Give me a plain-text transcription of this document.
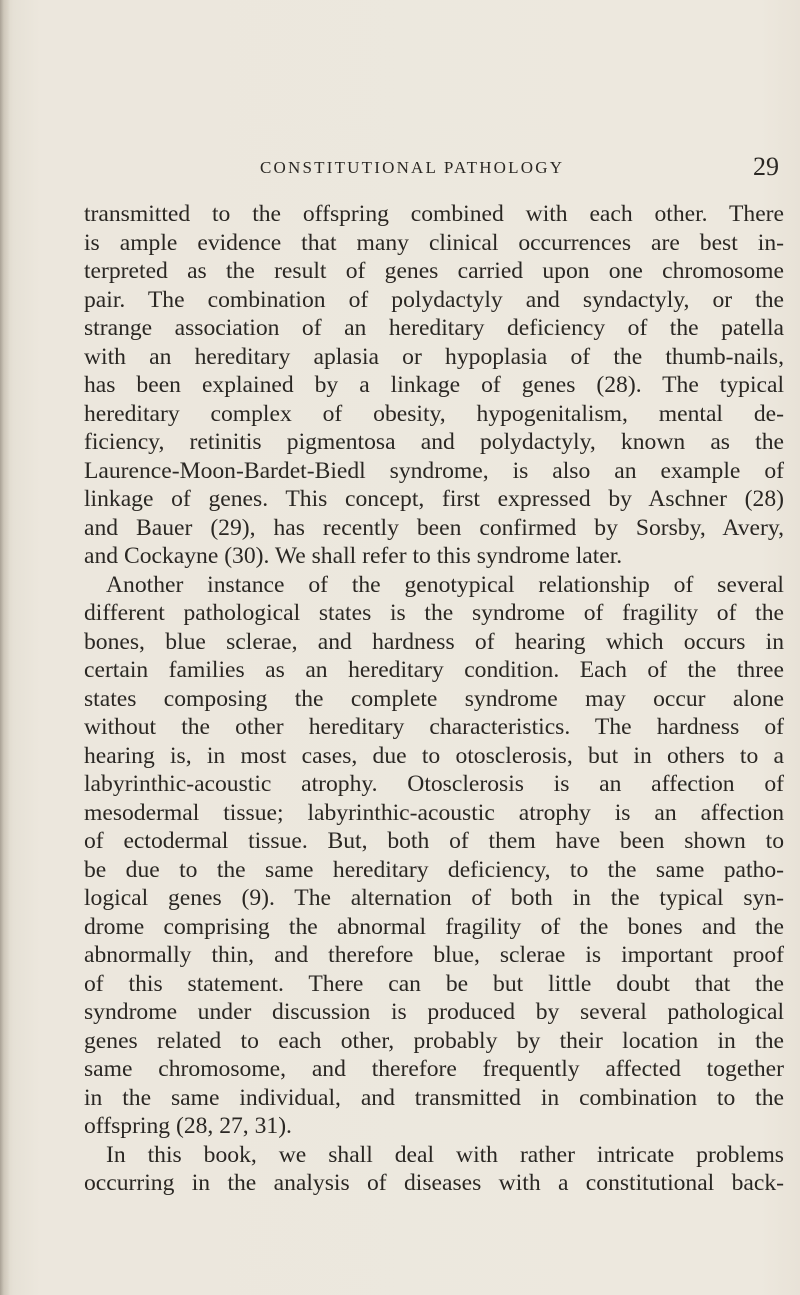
CONSTITUTIONAL PATHOLOGY	29
transmitted to the offspring combined with each other. There
is ample evidence that many clinical occurrences are best in-
terpreted as the result of genes carried upon one chromosome
pair. The combination of polydactyly and syndactyly, or the
strange association of an hereditary deficiency of the patella
with an hereditary aplasia or hypoplasia of the thumb-nails,
has been explained by a linkage of genes (28). The typical
hereditary complex of obesity, hypogenitalism, mental de-
ficiency, retinitis pigmentosa and polydactyly, known as the
Laurence-Moon-Bardet-Biedl syndrome, is also an example of
linkage of genes. This concept, first expressed by Aschner (28)
and Bauer (29), has recently been confirmed by Sorsby, Avery,
and Cockayne (30). We shall refer to this syndrome later.
Another instance of the genotypical relationship of several
different pathological states is the syndrome of fragility of the
bones, blue sclerae, and hardness of hearing which occurs in
certain families as an hereditary condition. Each of the three
states composing the complete syndrome may occur alone
without the other hereditary characteristics. The hardness of
hearing is, in most cases, due to otosclerosis, but in others to a
labyrinthic-acoustic atrophy. Otosclerosis is an affection of
mesodermal tissue; labyrinthic-acoustic atrophy is an affection
of ectodermal tissue. But, both of them have been shown to
be due to the same hereditary deficiency, to the same patho-
logical genes (9). The alternation of both in the typical syn-
drome comprising the abnormal fragility of the bones and the
abnormally thin, and therefore blue, sclerae is important proof
of this statement. There can be but little doubt that the
syndrome under discussion is produced by several pathological
genes related to each other, probably by their location in the
same chromosome, and therefore frequently affected together
in the same individual, and transmitted in combination to the
offspring (28, 27, 31).
In this book, we shall deal with rather intricate problems
occurring in the analysis of diseases with a constitutional back-
